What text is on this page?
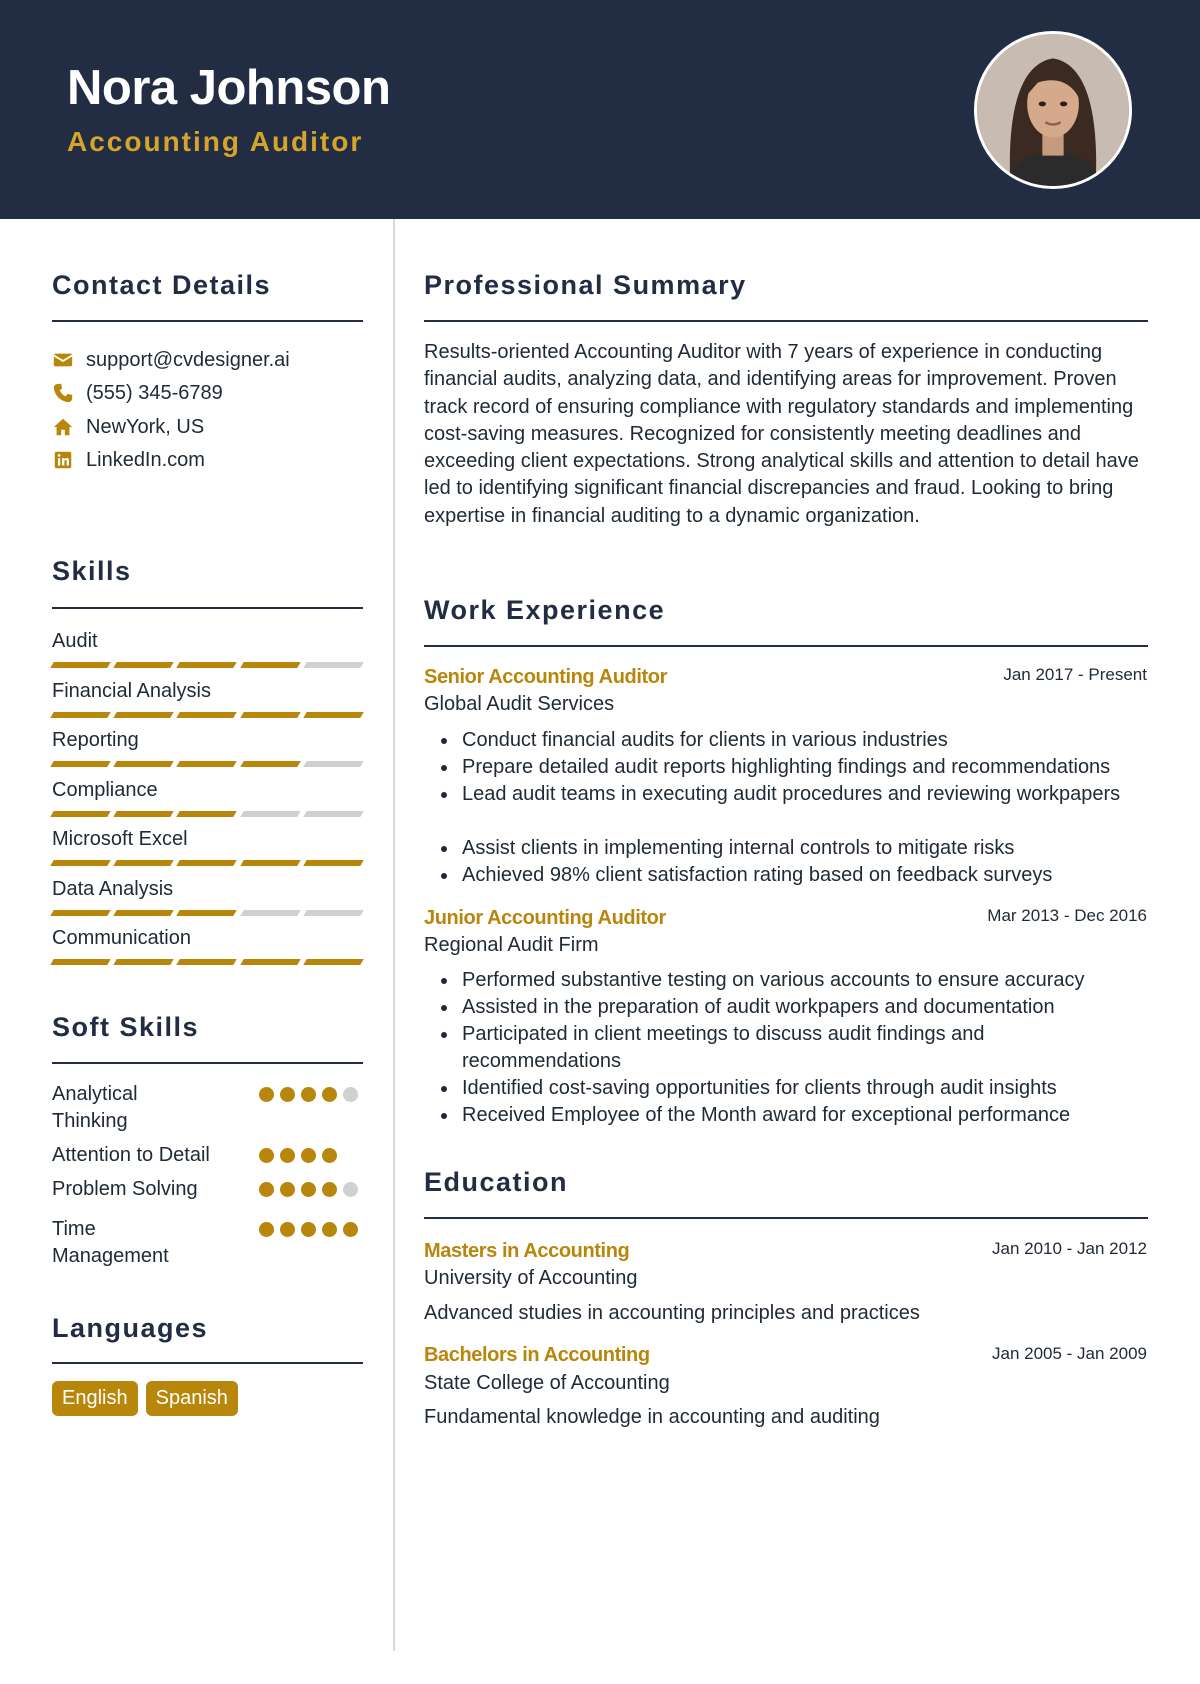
Nora Johnson
Accounting Auditor
Contact Details
support@cvdesigner.ai
(555) 345-6789
NewYork, US
LinkedIn.com
Skills
Audit
Financial Analysis
Reporting
Compliance
Microsoft Excel
Data Analysis
Communication
Soft Skills
Analytical Thinking
Attention to Detail
Problem Solving
Time Management
Languages
English	Spanish
Professional Summary
Results-oriented Accounting Auditor with 7 years of experience in conducting financial audits, analyzing data, and identifying areas for improvement. Proven track record of ensuring compliance with regulatory standards and implementing cost-saving measures. Recognized for consistently meeting deadlines and exceeding client expectations. Strong analytical skills and attention to detail have led to identifying significant financial discrepancies and fraud. Looking to bring expertise in financial auditing to a dynamic organization.
Work Experience
Senior Accounting Auditor	Jan 2017 - Present
Global Audit Services
Conduct financial audits for clients in various industries
Prepare detailed audit reports highlighting findings and recommendations
Lead audit teams in executing audit procedures and reviewing workpapers
Assist clients in implementing internal controls to mitigate risks
Achieved 98% client satisfaction rating based on feedback surveys
Junior Accounting Auditor	Mar 2013 - Dec 2016
Regional Audit Firm
Performed substantive testing on various accounts to ensure accuracy
Assisted in the preparation of audit workpapers and documentation
Participated in client meetings to discuss audit findings and recommendations
Identified cost-saving opportunities for clients through audit insights
Received Employee of the Month award for exceptional performance
Education
Masters in Accounting	Jan 2010 - Jan 2012
University of Accounting
Advanced studies in accounting principles and practices
Bachelors in Accounting	Jan 2005 - Jan 2009
State College of Accounting
Fundamental knowledge in accounting and auditing
